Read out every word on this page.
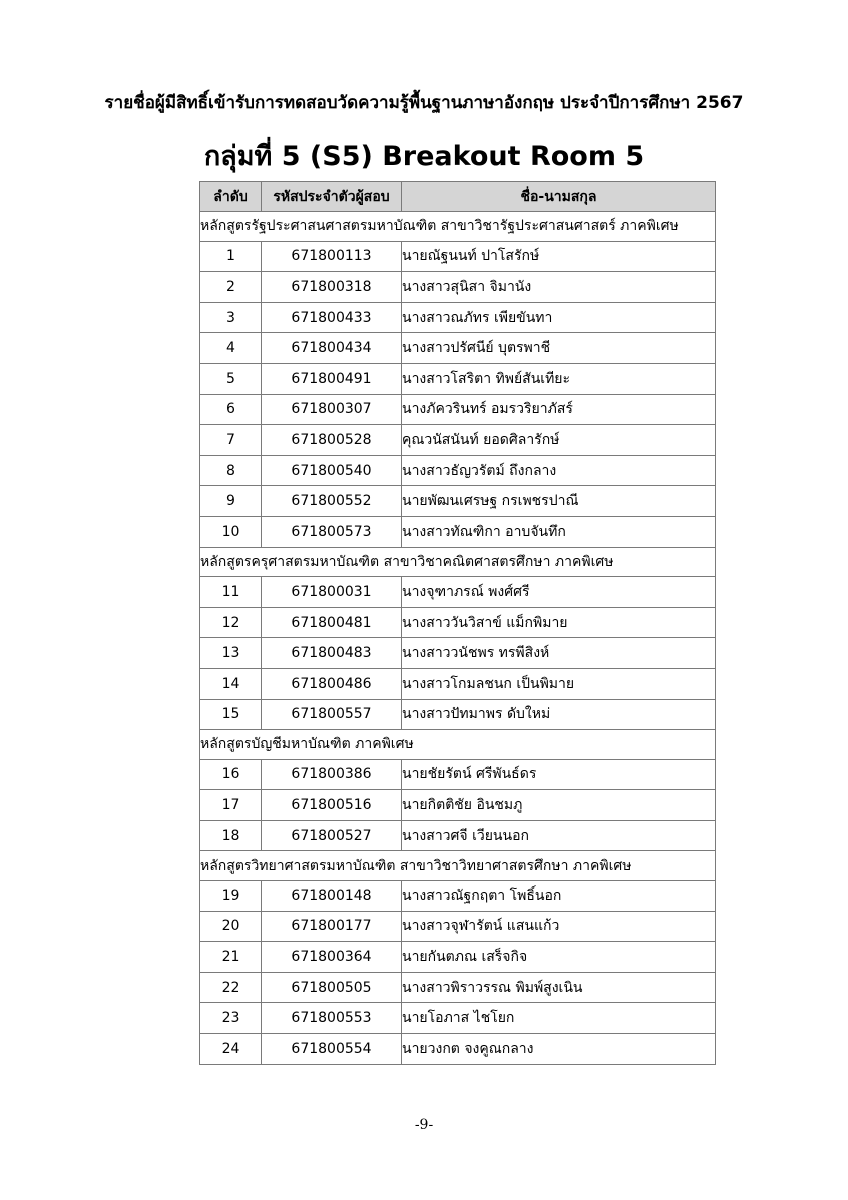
รายชื่อผู้มีสิทธิ์เข้ารับการทดสอบวัดความรู้พื้นฐานภาษาอังกฤษ ประจำปีการศึกษา 2567
กลุ่มที่ 5 (S5) Breakout Room 5
ลำดับ	รหัสประจำตัวผู้สอบ	ชื่อ-นามสกุล
หลักสูตรรัฐประศาสนศาสตรมหาบัณฑิต สาขาวิชารัฐประศาสนศาสตร์ ภาคพิเศษ		
1	671800113	นายณัฐนนท์ ปาโสรักษ์
2	671800318	นางสาวสุนิสา จิมานัง
3	671800433	นางสาวณภัทร เพียขันทา
4	671800434	นางสาวปรัศนีย์ บุตรพาชี
5	671800491	นางสาวโสริตา ทิพย์สันเทียะ
6	671800307	นางภัควรินทร์ อมรวริยาภัสร์
7	671800528	คุณวนัสนันท์ ยอดศิลารักษ์
8	671800540	นางสาวธัญวรัตม์ ถึงกลาง
9	671800552	นายพัฒนเศรษฐ กรเพชรปาณี
10	671800573	นางสาวทัณฑิกา อาบจันทึก
หลักสูตรครุศาสตรมหาบัณฑิต สาขาวิชาคณิตศาสตรศึกษา ภาคพิเศษ		
11	671800031	นางจุฑาภรณ์ พงศ์ศรี
12	671800481	นางสาววันวิสาข์ แม็กพิมาย
13	671800483	นางสาววนัชพร ทรพีสิงห์
14	671800486	นางสาวโกมลชนก เป็นพิมาย
15	671800557	นางสาวปัทมาพร ดับใหม่
หลักสูตรบัญชีมหาบัณฑิต ภาคพิเศษ		
16	671800386	นายชัยรัตน์ ศรีพันธ์ดร
17	671800516	นายกิตติชัย อินชมภู
18	671800527	นางสาวศจี เวียนนอก
หลักสูตรวิทยาศาสตรมหาบัณฑิต สาขาวิชาวิทยาศาสตรศึกษา ภาคพิเศษ		
19	671800148	นางสาวณัฐกฤตา โพธิ์นอก
20	671800177	นางสาวจุฬารัตน์ แสนแก้ว
21	671800364	นายกันตภณ เสร็จกิจ
22	671800505	นางสาวพิราวรรณ พิมพ์สูงเนิน
23	671800553	นายโอภาส ไชโยก
24	671800554	นายวงกต จงคูณกลาง
-9-
